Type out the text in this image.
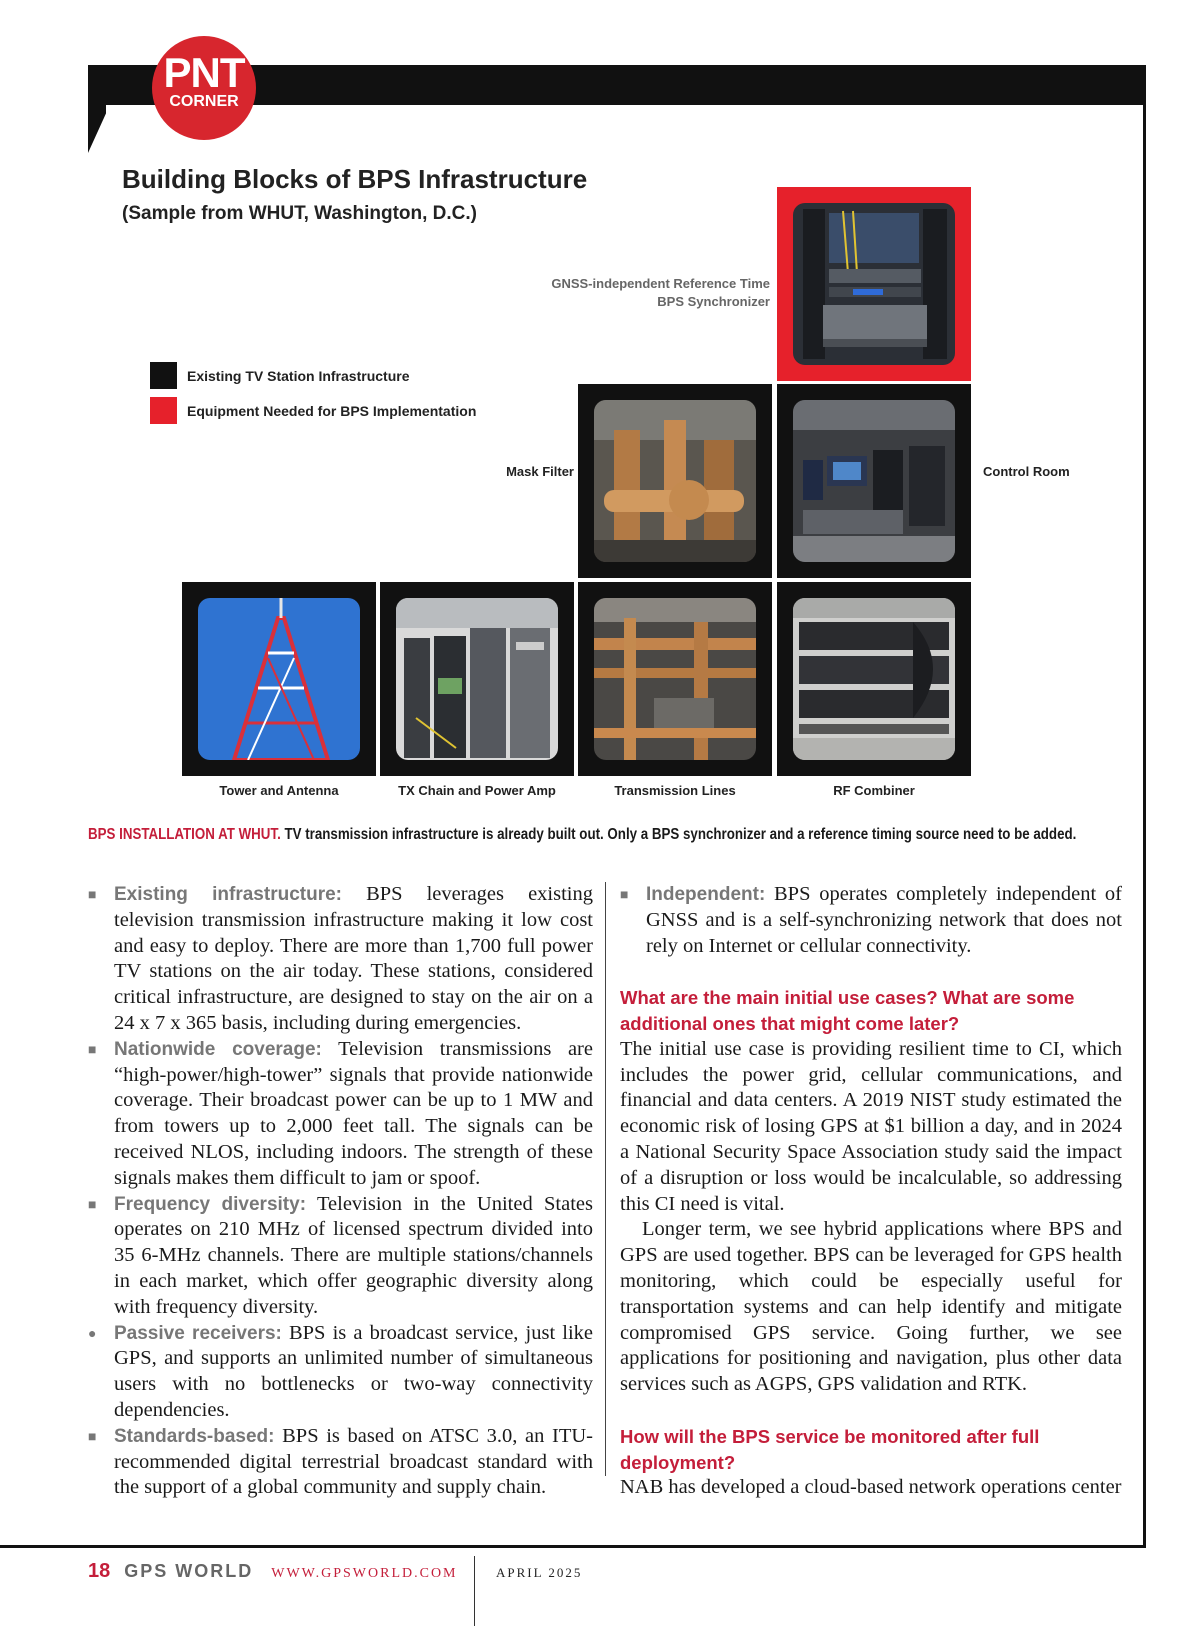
PNT
CORNER
Building Blocks of BPS Infrastructure
(Sample from WHUT, Washington, D.C.)
Existing TV Station Infrastructure
Equipment Needed for BPS Implementation
GNSS-independent Reference Time
BPS Synchronizer
Mask Filter	Control Room
Tower and Antenna	TX Chain and Power Amp	Transmission Lines	RF Combiner
BPS INSTALLATION AT WHUT. TV transmission infrastructure is already built out. Only a BPS synchronizer and a reference timing source need to be added.

■ Existing infrastructure: BPS leverages existing television transmission infrastructure making it low cost and easy to deploy. There are more than 1,700 full power TV stations on the air today. These stations, considered critical infrastructure, are designed to stay on the air on a 24 x 7 x 365 basis, including during emergencies.

■ Nationwide coverage: Television transmissions are “high-power/high-tower” signals that provide nationwide coverage. Their broadcast power can be up to 1 MW and from towers up to 2,000 feet tall. The signals can be received NLOS, including indoors. The strength of these signals makes them difficult to jam or spoof.

■ Frequency diversity: Television in the United States operates on 210 MHz of licensed spectrum divided into 35 6-MHz channels. There are multiple stations/channels in each market, which offer geographic diversity along with frequency diversity.

● Passive receivers: BPS is a broadcast service, just like GPS, and supports an unlimited number of simultaneous users with no bottlenecks or two-way connectivity dependencies.

■ Standards-based: BPS is based on ATSC 3.0, an ITU-recommended digital terrestrial broadcast standard with the support of a global community and supply chain.

■ Independent: BPS operates completely independent of GNSS and is a self-synchronizing network that does not rely on Internet or cellular connectivity.

What are the main initial use cases? What are some additional ones that might come later?

The initial use case is providing resilient time to CI, which includes the power grid, cellular communications, and financial and data centers. A 2019 NIST study estimated the economic risk of losing GPS at $1 billion a day, and in 2024 a National Security Space Association study said the impact of a disruption or loss would be incalculable, so addressing this CI need is vital.

Longer term, we see hybrid applications where BPS and GPS are used together. BPS can be leveraged for GPS health monitoring, which could be especially useful for transportation systems and can help identify and mitigate compromised GPS service. Going further, we see applications for positioning and navigation, plus other data services such as AGPS, GPS validation and RTK.

How will the BPS service be monitored after full deployment?

NAB has developed a cloud-based network operations center

18 GPS WORLD WWW.GPSWORLD.COM	APRIL 2025
